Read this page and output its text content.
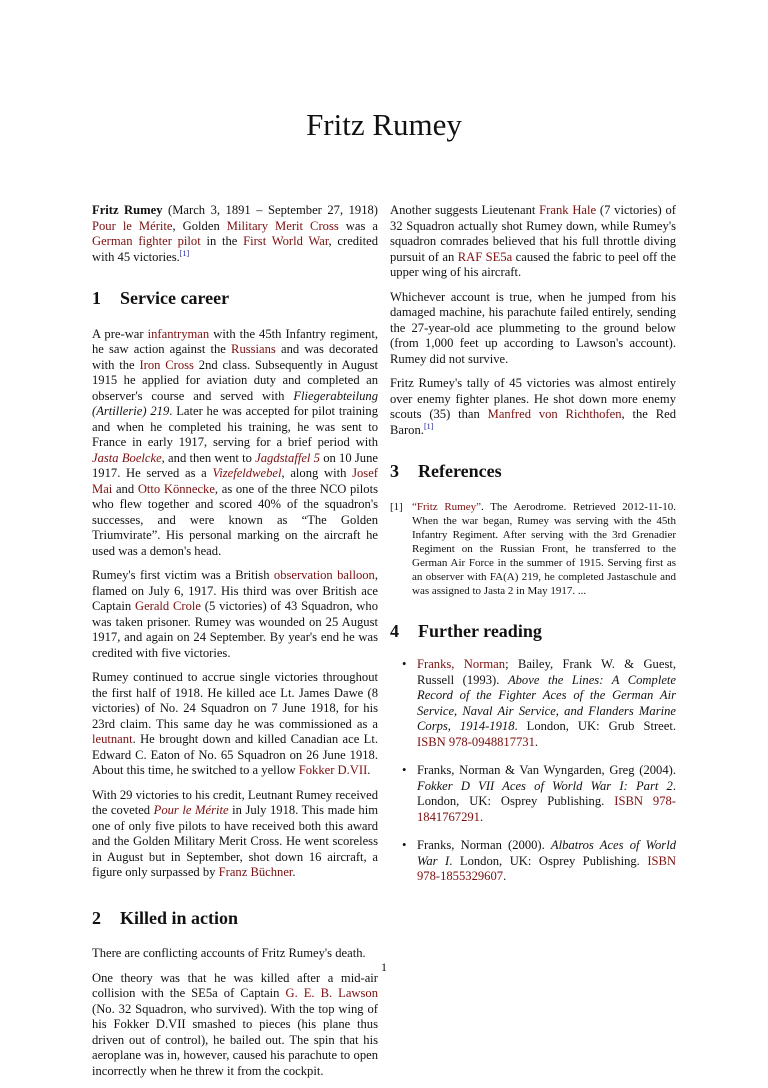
Fritz Rumey

Fritz Rumey (March 3, 1891 – September 27, 1918) Pour le Mérite, Golden Military Merit Cross was a German fighter pilot in the First World War, credited with 45 victories.[1]

1 Service career

A pre-war infantryman with the 45th Infantry regiment, he saw action against the Russians and was decorated with the Iron Cross 2nd class. Subsequently in August 1915 he applied for aviation duty and completed an observer's course and served with Fliegerabteilung (Artillerie) 219. Later he was accepted for pilot training and when he completed his training, he was sent to France in early 1917, serving for a brief period with Jasta Boelcke, and then went to Jagdstaffel 5 on 10 June 1917. He served as a Vizefeldwebel, along with Josef Mai and Otto Könnecke, as one of the three NCO pilots who flew together and scored 40% of the squadron's successes, and were known as “The Golden Triumvirate”. His personal marking on the aircraft he used was a demon's head.

Rumey's first victim was a British observation balloon, flamed on July 6, 1917. His third was over British ace Captain Gerald Crole (5 victories) of 43 Squadron, who was taken prisoner. Rumey was wounded on 25 August 1917, and again on 24 September. By year's end he was credited with five victories.

Rumey continued to accrue single victories throughout the first half of 1918. He killed ace Lt. James Dawe (8 victories) of No. 24 Squadron on 7 June 1918, for his 23rd claim. This same day he was commissioned as a leutnant. He brought down and killed Canadian ace Lt. Edward C. Eaton of No. 65 Squadron on 26 June 1918. About this time, he switched to a yellow Fokker D.VII.

With 29 victories to his credit, Leutnant Rumey received the coveted Pour le Mérite in July 1918. This made him one of only five pilots to have received both this award and the Golden Military Merit Cross. He went scoreless in August but in September, shot down 16 aircraft, a figure only surpassed by Franz Büchner.

2 Killed in action

There are conflicting accounts of Fritz Rumey's death.

One theory was that he was killed after a mid-air collision with the SE5a of Captain G. E. B. Lawson (No. 32 Squadron, who survived). With the top wing of his Fokker D.VII smashed to pieces (his plane thus driven out of control), he bailed out. The spin that his aeroplane was in, however, caused his parachute to open incorrectly when he threw it from the cockpit.

Another suggests Lieutenant Frank Hale (7 victories) of 32 Squadron actually shot Rumey down, while Rumey's squadron comrades believed that his full throttle diving pursuit of an RAF SE5a caused the fabric to peel off the upper wing of his aircraft.

Whichever account is true, when he jumped from his damaged machine, his parachute failed entirely, sending the 27-year-old ace plummeting to the ground below (from 1,000 feet up according to Lawson's account). Rumey did not survive.

Fritz Rumey's tally of 45 victories was almost entirely over enemy fighter planes. He shot down more enemy scouts (35) than Manfred von Richthofen, the Red Baron.[1]

3 References
[1] “Fritz Rumey”. The Aerodrome. Retrieved 2012-11-10. When the war began, Rumey was serving with the 45th Infantry Regiment. After serving with the 3rd Grenadier Regiment on the Russian Front, he transferred to the German Air Force in the summer of 1915. Serving first as an observer with FA(A) 219, he completed Jastaschule and was assigned to Jasta 2 in May 1917. ...
4 Further reading
• Franks, Norman; Bailey, Frank W. & Guest, Russell (1993). Above the Lines: A Complete Record of the Fighter Aces of the German Air Service, Naval Air Service, and Flanders Marine Corps, 1914-1918. London, UK: Grub Street. ISBN 978-0948817731.
• Franks, Norman & Van Wyngarden, Greg (2004). Fokker D VII Aces of World War I: Part 2. London, UK: Osprey Publishing. ISBN 978-1841767291.
• Franks, Norman (2000). Albatros Aces of World War I. London, UK: Osprey Publishing. ISBN 978-1855329607.
1
